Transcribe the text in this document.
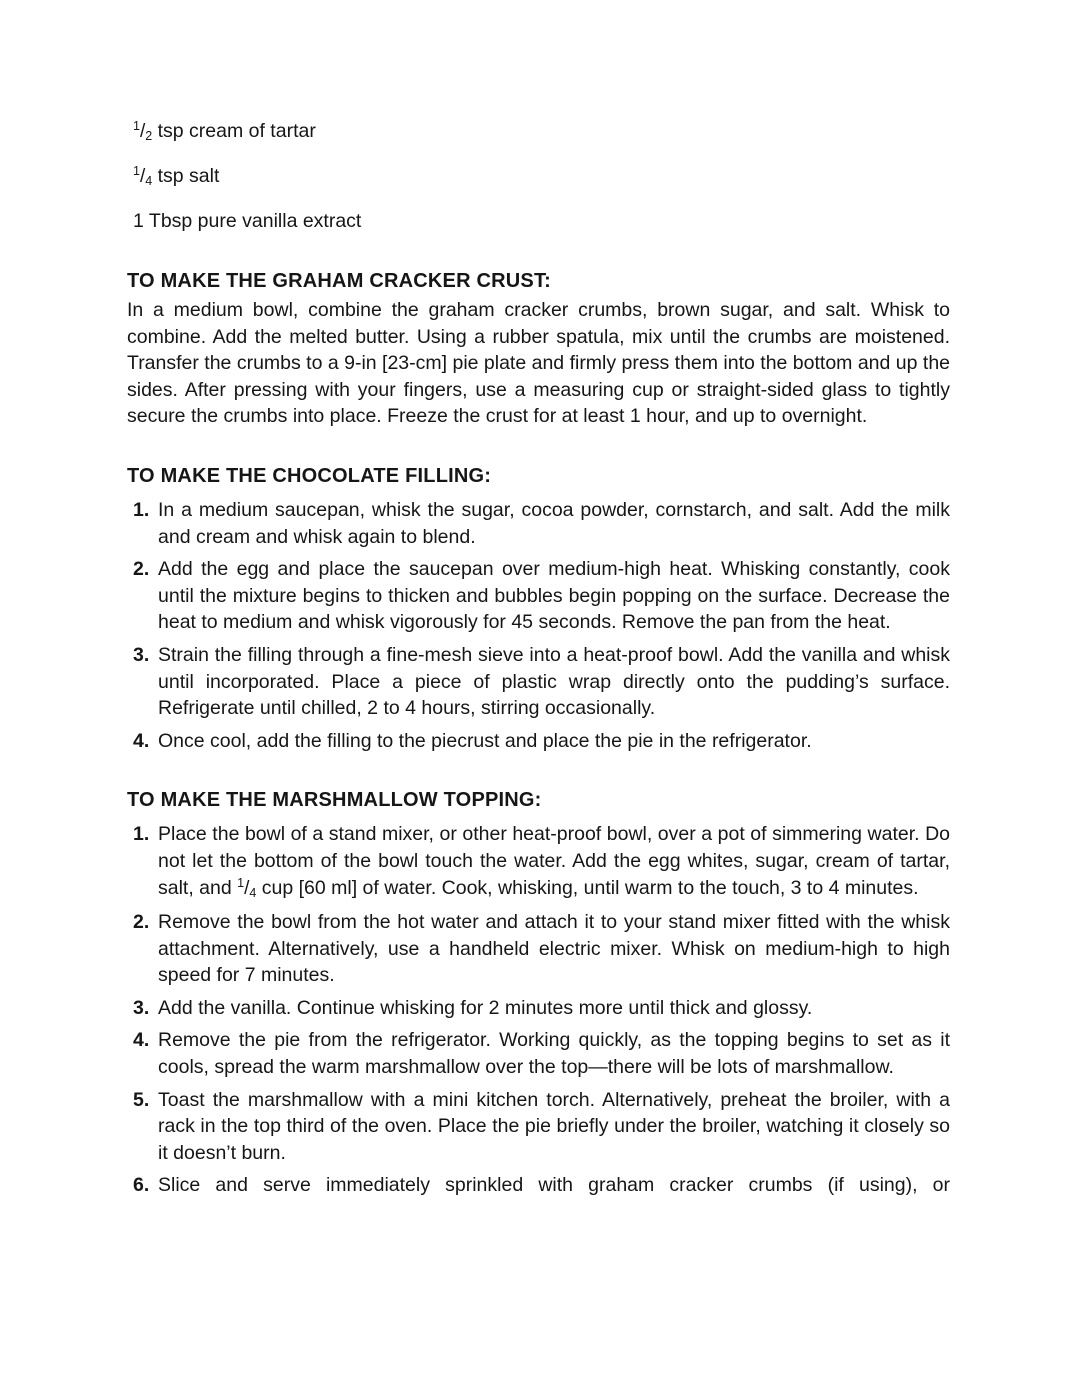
1/2 tsp cream of tartar
1/4 tsp salt
1 Tbsp pure vanilla extract
TO MAKE THE GRAHAM CRACKER CRUST:
In a medium bowl, combine the graham cracker crumbs, brown sugar, and salt. Whisk to combine. Add the melted butter. Using a rubber spatula, mix until the crumbs are moistened. Transfer the crumbs to a 9-in [23-cm] pie plate and firmly press them into the bottom and up the sides. After pressing with your fingers, use a measuring cup or straight-sided glass to tightly secure the crumbs into place. Freeze the crust for at least 1 hour, and up to overnight.
TO MAKE THE CHOCOLATE FILLING:
1. In a medium saucepan, whisk the sugar, cocoa powder, cornstarch, and salt. Add the milk and cream and whisk again to blend.
2. Add the egg and place the saucepan over medium-high heat. Whisking constantly, cook until the mixture begins to thicken and bubbles begin popping on the surface. Decrease the heat to medium and whisk vigorously for 45 seconds. Remove the pan from the heat.
3. Strain the filling through a fine-mesh sieve into a heat-proof bowl. Add the vanilla and whisk until incorporated. Place a piece of plastic wrap directly onto the pudding’s surface. Refrigerate until chilled, 2 to 4 hours, stirring occasionally.
4. Once cool, add the filling to the piecrust and place the pie in the refrigerator.
TO MAKE THE MARSHMALLOW TOPPING:
1. Place the bowl of a stand mixer, or other heat-proof bowl, over a pot of simmering water. Do not let the bottom of the bowl touch the water. Add the egg whites, sugar, cream of tartar, salt, and 1/4 cup [60 ml] of water. Cook, whisking, until warm to the touch, 3 to 4 minutes.
2. Remove the bowl from the hot water and attach it to your stand mixer fitted with the whisk attachment. Alternatively, use a handheld electric mixer. Whisk on medium-high to high speed for 7 minutes.
3. Add the vanilla. Continue whisking for 2 minutes more until thick and glossy.
4. Remove the pie from the refrigerator. Working quickly, as the topping begins to set as it cools, spread the warm marshmallow over the top—there will be lots of marshmallow.
5. Toast the marshmallow with a mini kitchen torch. Alternatively, preheat the broiler, with a rack in the top third of the oven. Place the pie briefly under the broiler, watching it closely so it doesn’t burn.
6. Slice and serve immediately sprinkled with graham cracker crumbs (if using), or
